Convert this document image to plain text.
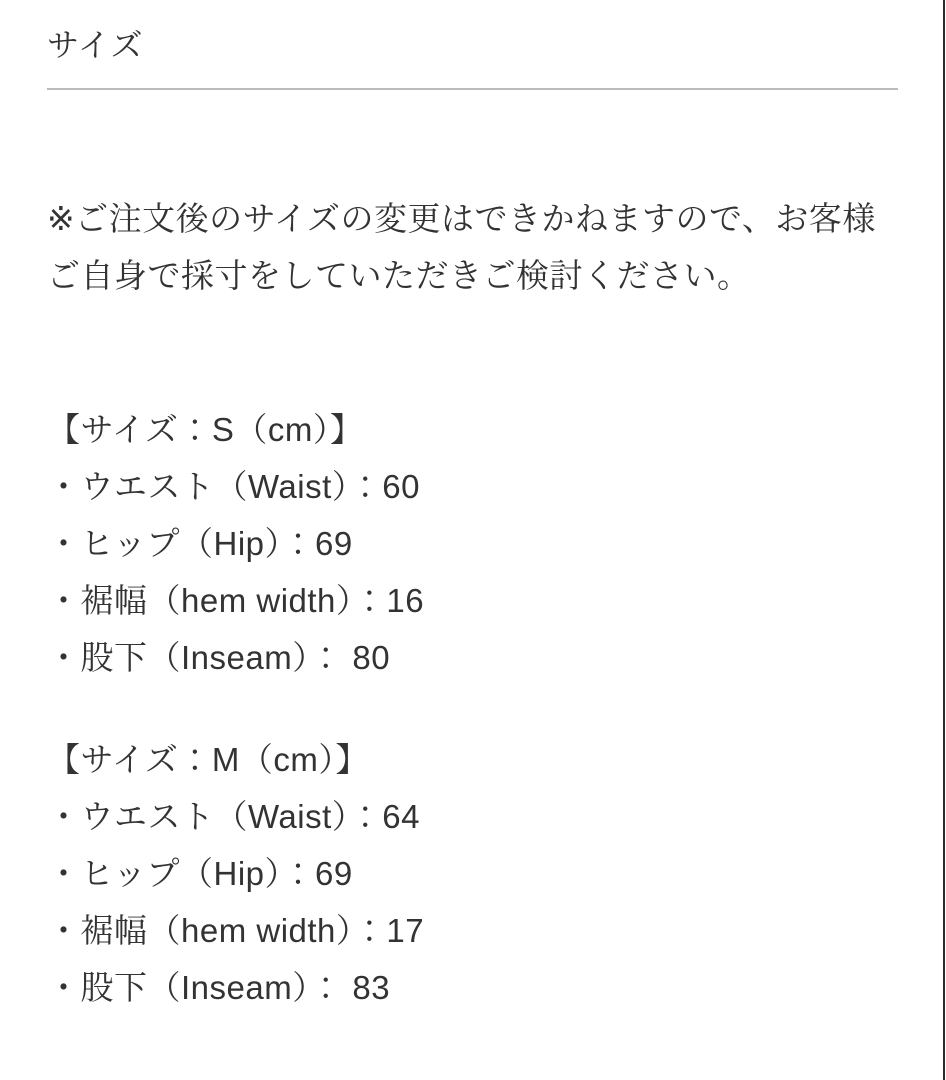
サイズ

※ご注文後のサイズの変更はできかねますので、お客様ご自身で採寸をしていただきご検討ください。

【サイズ：S（cm）】

・ウエスト（Waist）：60

・ヒップ（Hip）：69

・裾幅（hem width）：16

・股下（Inseam）： 80

【サイズ：M（cm）】

・ウエスト（Waist）：64

・ヒップ（Hip）：69

・裾幅（hem width）：17

・股下（Inseam）： 83
